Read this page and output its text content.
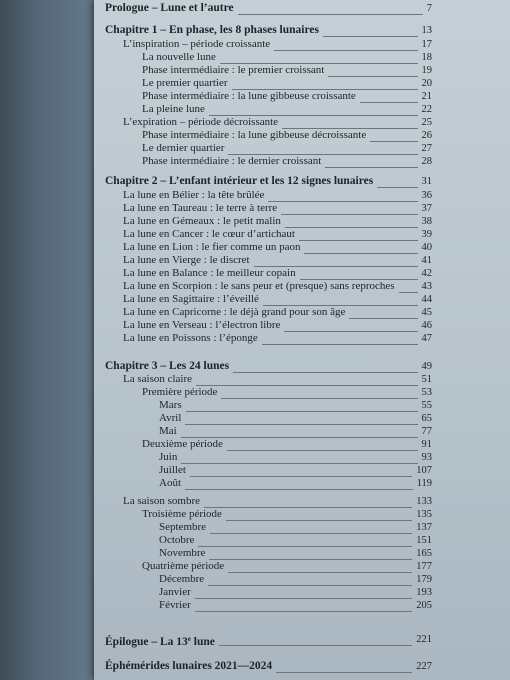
Prologue – Lune et l’autre	7
Chapitre 1 – En phase, les 8 phases lunaires	13
L’inspiration – période croissante	17
La nouvelle lune	18
Phase intermédiaire : le premier croissant	19
Le premier quartier	20
Phase intermédiaire : la lune gibbeuse croissante	21
La pleine lune	22
L’expiration – période décroissante	25
Phase intermédiaire : la lune gibbeuse décroissante	26
Le dernier quartier	27
Phase intermédiaire : le dernier croissant	28
Chapitre 2 – L’enfant intérieur et les 12 signes lunaires	31
La lune en Bélier : la tête brûlée	36
La lune en Taureau : le terre à terre	37
La lune en Gémeaux : le petit malin	38
La lune en Cancer : le cœur d’artichaut	39
La lune en Lion : le fier comme un paon	40
La lune en Vierge : le discret	41
La lune en Balance : le meilleur copain	42
La lune en Scorpion : le sans peur et (presque) sans reproches	43
La lune en Sagittaire : l’éveillé	44
La lune en Capricorne : le déjà grand pour son âge	45
La lune en Verseau : l’électron libre	46
La lune en Poissons : l’éponge	47
Chapitre 3 – Les 24 lunes	49
La saison claire	51
Première période	53
Mars	55
Avril	65
Mai	77
Deuxième période	91
Juin	93
Juillet	107
Août	119
La saison sombre	133
Troisième période	135
Septembre	137
Octobre	151
Novembre	165
Quatrième période	177
Décembre	179
Janvier	193
Février	205
Épilogue – La 13e lune	221
Éphémérides lunaires 2021—2024	227
